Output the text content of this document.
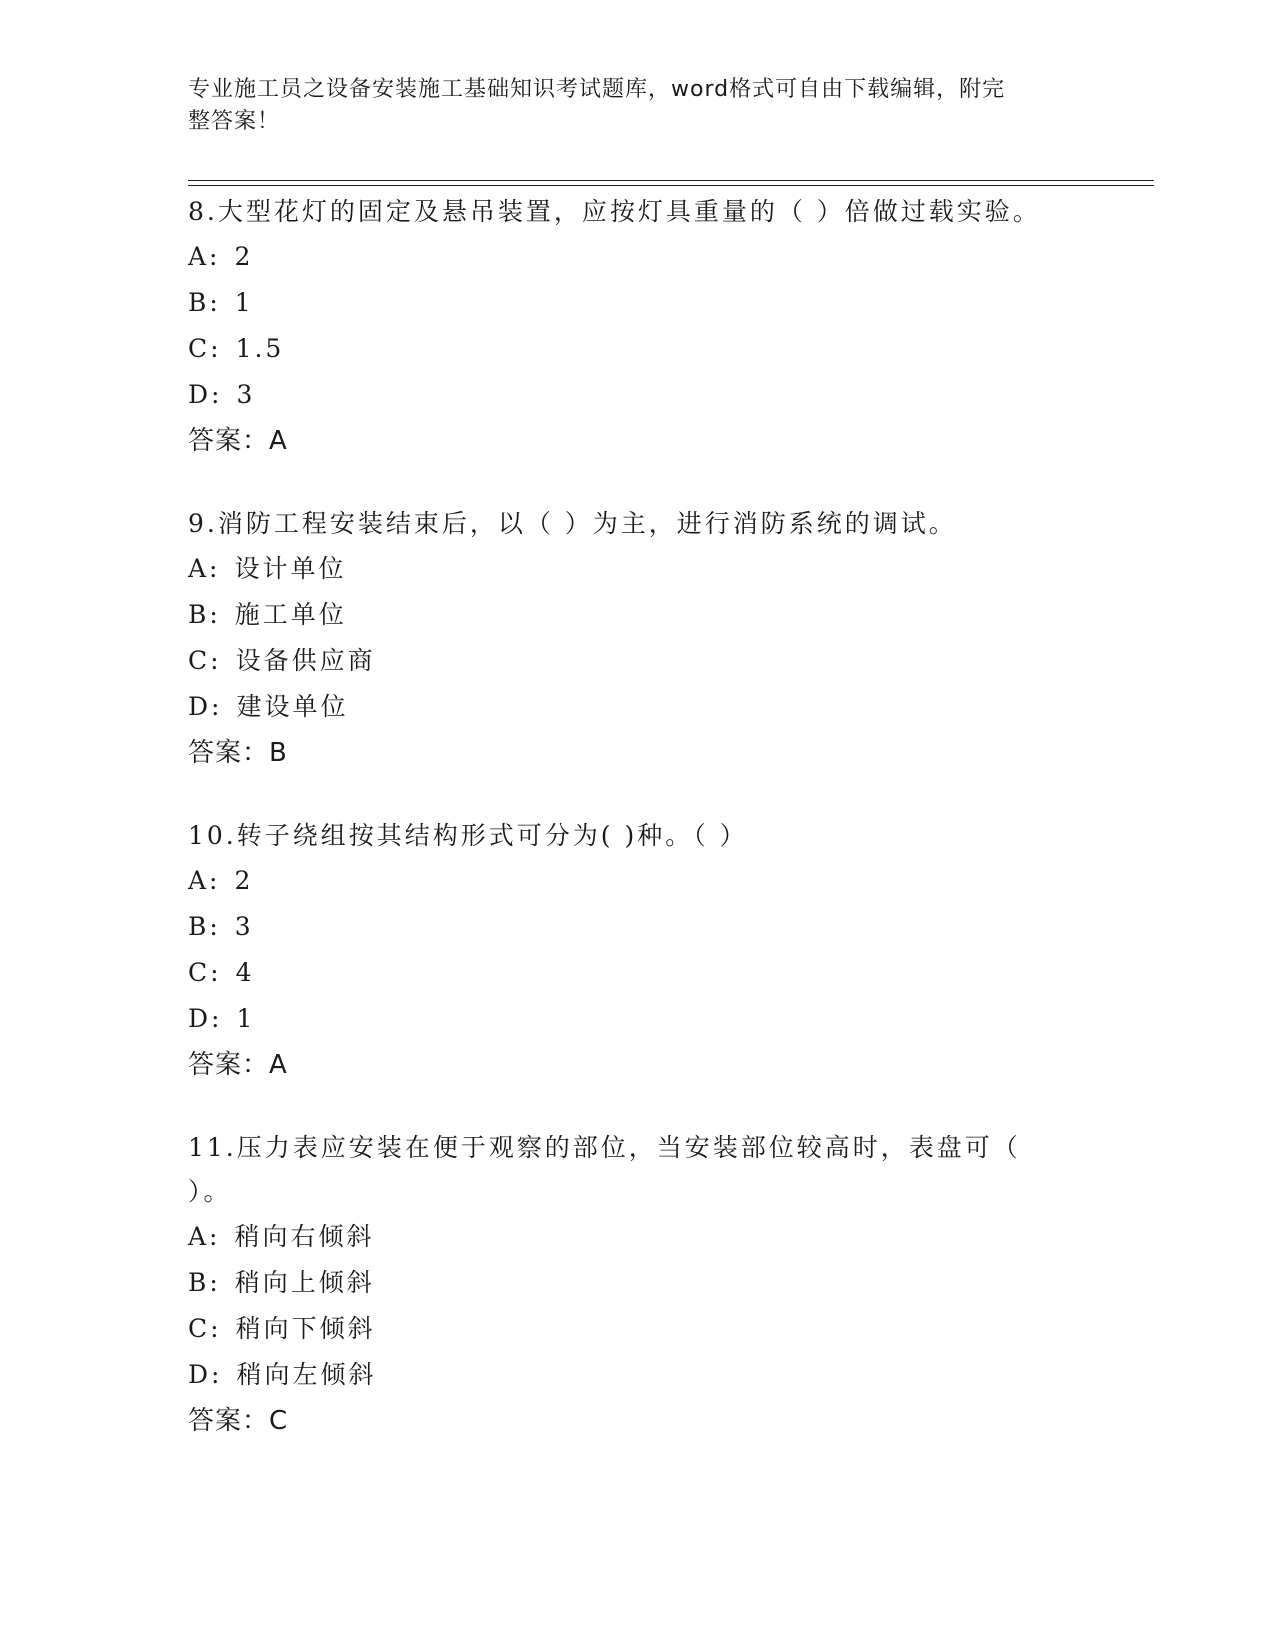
专业施工员之设备安装施工基础知识考试题库，word格式可自由下载编辑，附完
整答案！

8.大型花灯的固定及悬吊装置，应按灯具重量的（ ）倍做过载实验。

A: 2
B: 1
C: 1.5
D: 3
答案：A

9.消防工程安装结束后，以（ ）为主，进行消防系统的调试。

A: 设计单位
B: 施工单位
C: 设备供应商
D: 建设单位
答案：B

10.转子绕组按其结构形式可分为( )种。（ ）

A: 2
B: 3
C: 4
D: 1
答案：A

11.压力表应安装在便于观察的部位，当安装部位较高时，表盘可（

）。

A: 稍向右倾斜
B: 稍向上倾斜
C: 稍向下倾斜
D: 稍向左倾斜
答案：C
